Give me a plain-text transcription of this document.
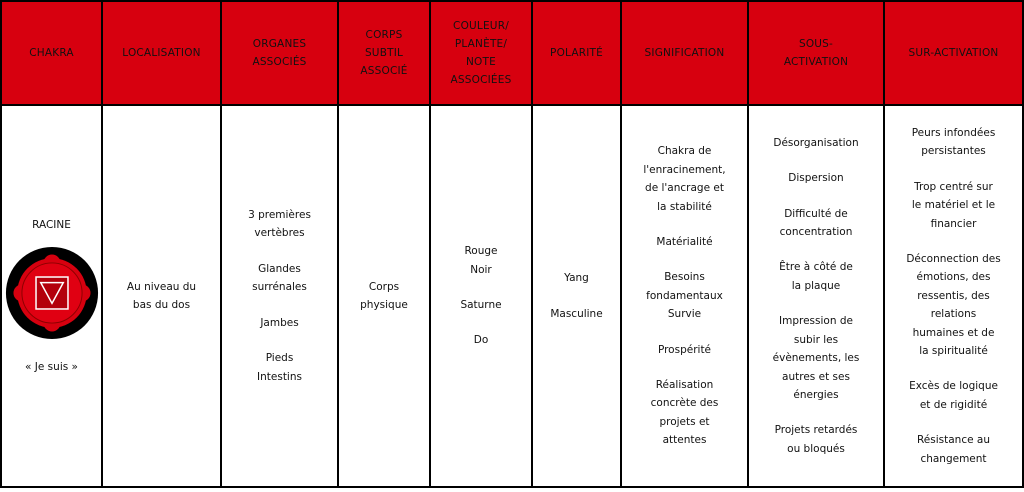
CHAKRA	LOCALISATION
ORGANES
ASSOCIÉS
CORPS
SUBTIL
ASSOCIÉ
COULEUR/
PLANÈTE/
NOTE
ASSOCIÉES
POLARITÉ	SIGNIFICATION
SOUS-
ACTIVATION
SUR-ACTIVATION
RACINE
« Je suis »
Au niveau du
bas du dos
3 premières
vertèbres
Glandes
surrénales
Jambes
Pieds
Intestins
Corps
physique
Rouge
Noir
Saturne
Do
Yang
Masculine
Chakra de
l'enracinement,
de l'ancrage et
la stabilité
Matérialité
Besoins
fondamentaux
Survie
Prospérité
Réalisation
concrète des
projets et
attentes
Désorganisation
Dispersion
Difficulté de
concentration
Être à côté de
la plaque
Impression de
subir les
évènements, les
autres et ses
énergies
Projets retardés
ou bloqués
Peurs infondées
persistantes
Trop centré sur
le matériel et le
financier
Déconnection des
émotions, des
ressentis, des
relations
humaines et de
la spiritualité
Excès de logique
et de rigidité
Résistance au
changement
